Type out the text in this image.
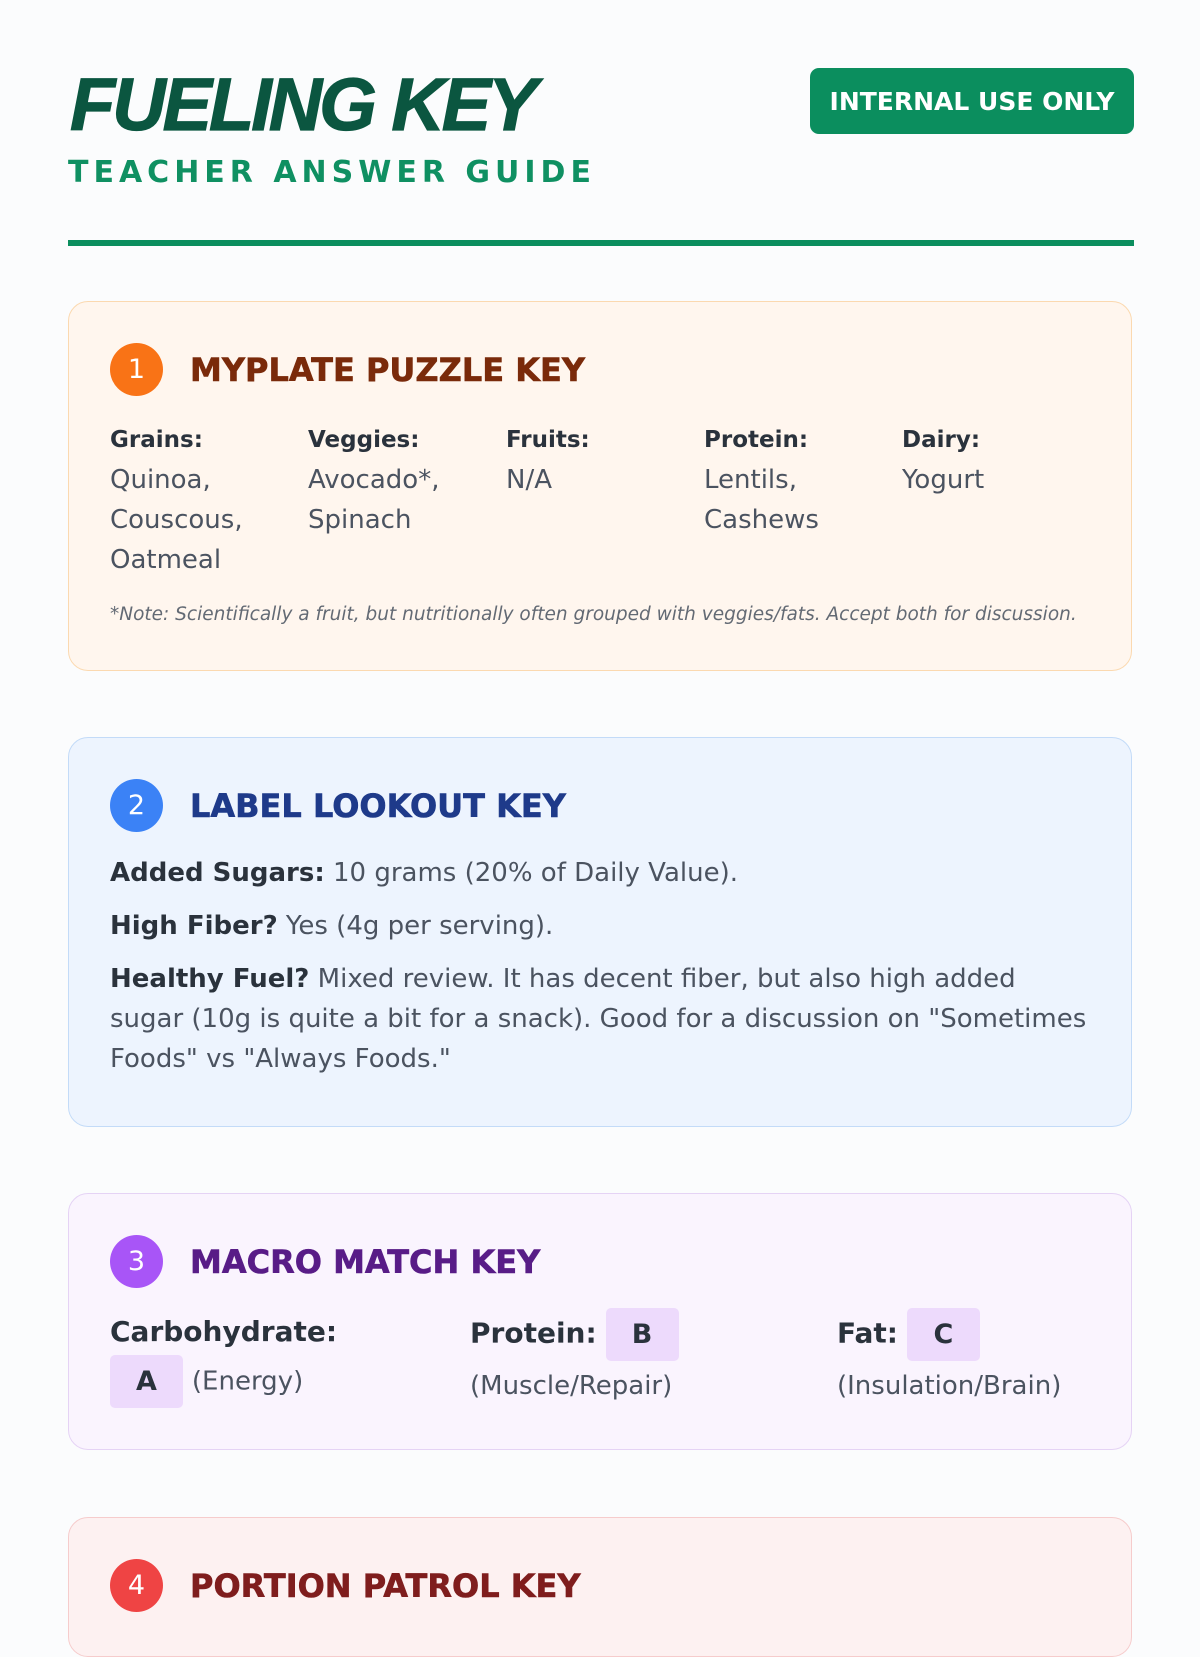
FUELING KEY
TEACHER ANSWER GUIDE
INTERNAL USE ONLY
1	MYPLATE PUZZLE KEY
Grains:
Quinoa,
Couscous,
Oatmeal
Veggies:
Avocado*,
Spinach
Fruits:
N/A
Protein:
Lentils,
Cashews
Dairy:
Yogurt
*Note: Scientifically a fruit, but nutritionally often grouped with veggies/fats. Accept both for discussion.
2	LABEL LOOKOUT KEY

Added Sugars: 10 grams (20% of Daily Value).

High Fiber? Yes (4g per serving).

Healthy Fuel? Mixed review. It has decent fiber, but also high added sugar (10g is quite a bit for a snack). Good for a discussion on "Sometimes Foods" vs "Always Foods."

3	MACRO MATCH KEY
Carbohydrate:
A (Energy)
Protein: B
(Muscle/Repair)
Fat: C
(Insulation/Brain)
4	PORTION PATROL KEY
